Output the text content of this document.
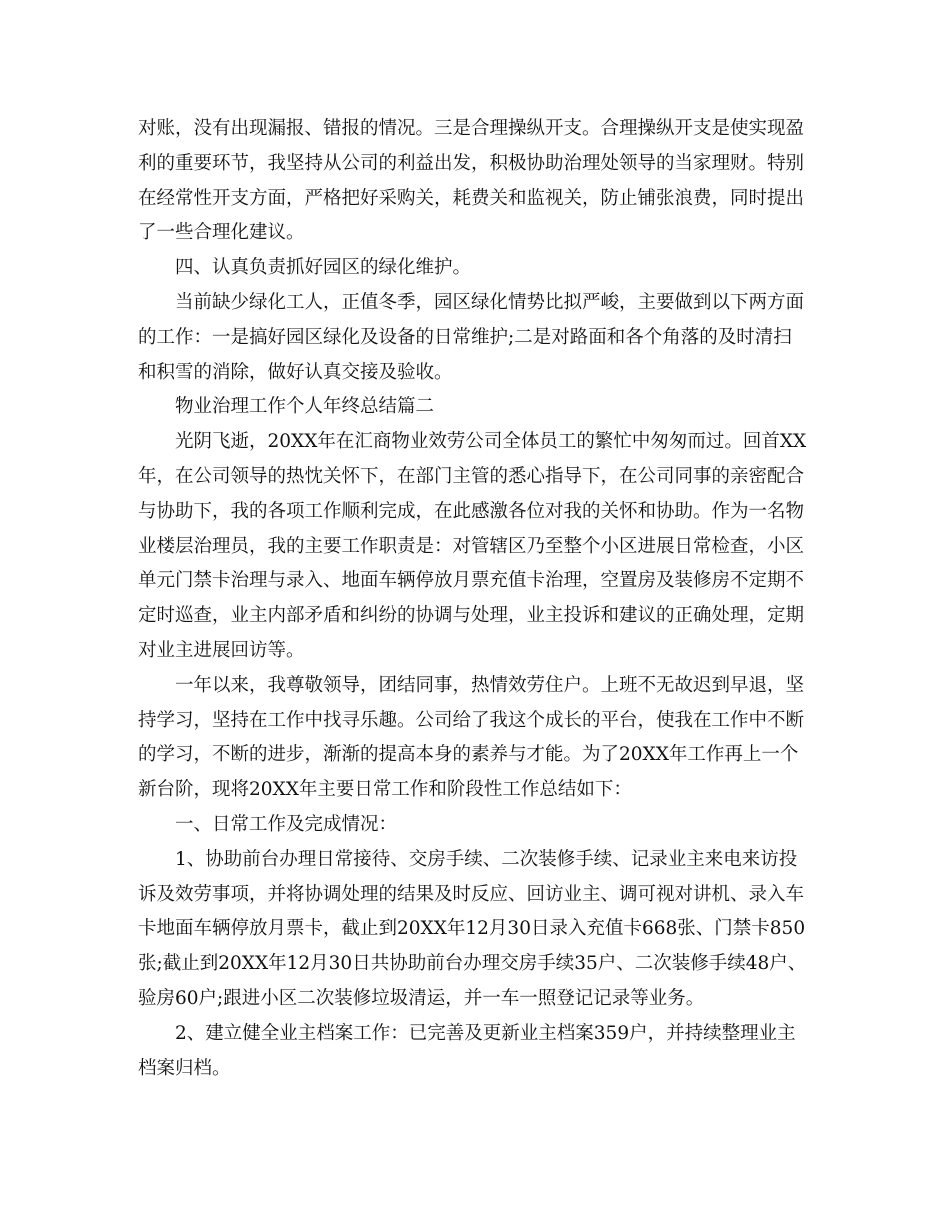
对账，没有出现漏报、错报的情况。三是合理操纵开支。合理操纵开支是使实现盈
利的重要环节，我坚持从公司的利益出发，积极协助治理处领导的当家理财。特别
在经常性开支方面，严格把好采购关，耗费关和监视关，防止铺张浪费，同时提出
了一些合理化建议。
四、认真负责抓好园区的绿化维护。
当前缺少绿化工人，正值冬季，园区绿化情势比拟严峻，主要做到以下两方面
的工作：一是搞好园区绿化及设备的日常维护;二是对路面和各个角落的及时清扫
和积雪的消除，做好认真交接及验收。
物业治理工作个人年终总结篇二
光阴飞逝，20XX年在汇商物业效劳公司全体员工的繁忙中匆匆而过。回首XX
年，在公司领导的热忱关怀下，在部门主管的悉心指导下，在公司同事的亲密配合
与协助下，我的各项工作顺利完成，在此感激各位对我的关怀和协助。作为一名物
业楼层治理员，我的主要工作职责是：对管辖区乃至整个小区进展日常检查，小区
单元门禁卡治理与录入、地面车辆停放月票充值卡治理，空置房及装修房不定期不
定时巡查，业主内部矛盾和纠纷的协调与处理，业主投诉和建议的正确处理，定期
对业主进展回访等。
一年以来，我尊敬领导，团结同事，热情效劳住户。上班不无故迟到早退，坚
持学习，坚持在工作中找寻乐趣。公司给了我这个成长的平台，使我在工作中不断
的学习，不断的进步，渐渐的提高本身的素养与才能。为了20XX年工作再上一个
新台阶，现将20XX年主要日常工作和阶段性工作总结如下：
一、日常工作及完成情况：
1、协助前台办理日常接待、交房手续、二次装修手续、记录业主来电来访投
诉及效劳事项，并将协调处理的结果及时反应、回访业主、调可视对讲机、录入车
卡地面车辆停放月票卡，截止到20XX年12月30日录入充值卡668张、门禁卡850
张;截止到20XX年12月30日共协助前台办理交房手续35户、二次装修手续48户、
验房60户;跟进小区二次装修垃圾清运，并一车一照登记记录等业务。
2、建立健全业主档案工作：已完善及更新业主档案359户，并持续整理业主
档案归档。
